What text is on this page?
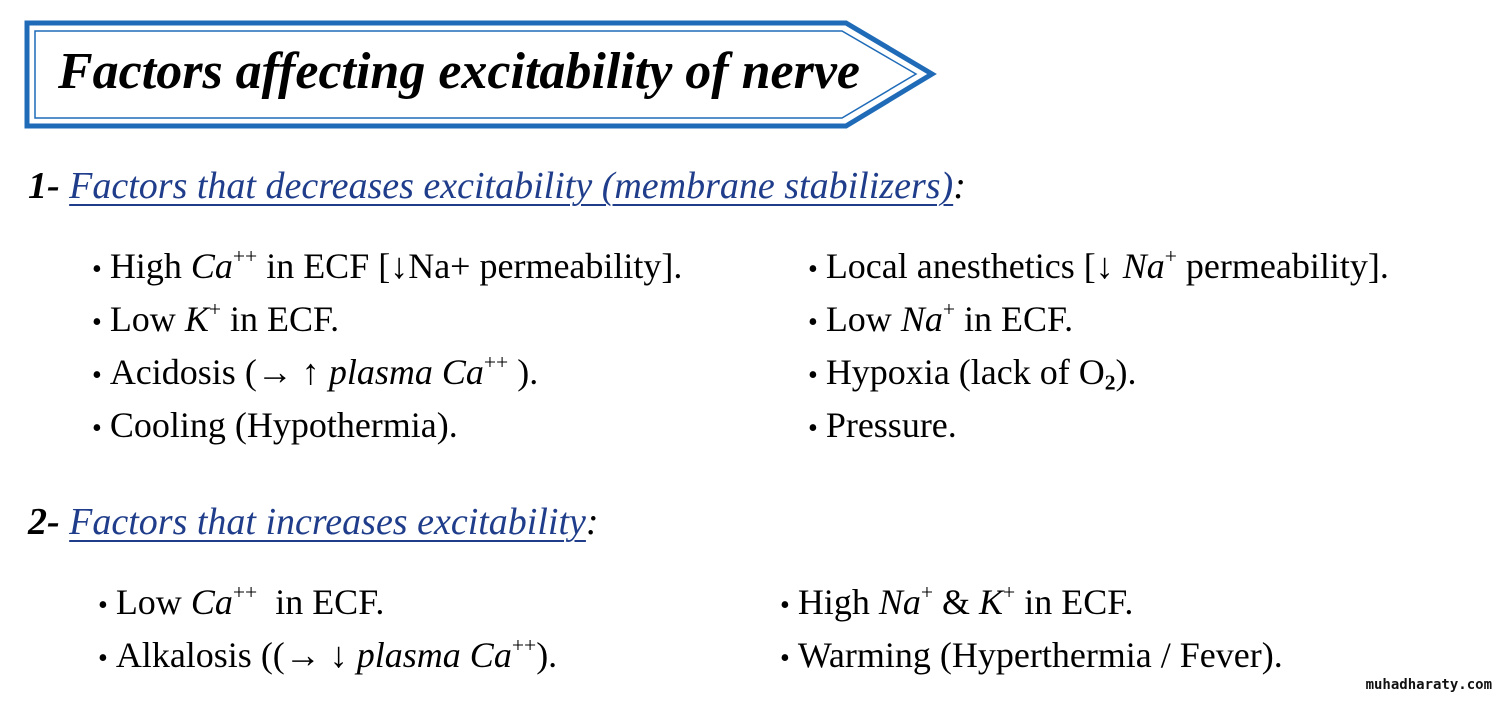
Factors affecting excitability of nerve

1- Factors that decreases excitability (membrane stabilizers):

• High Ca++ in ECF [↓Na+ permeability].
• Low K+ in ECF.
• Acidosis (→ ↑ plasma Ca++ ).
• Cooling (Hypothermia).
• Local anesthetics [↓ Na+ permeability].
• Low Na+ in ECF.
• Hypoxia (lack of $O_2$).
• Pressure.

2- Factors that increases excitability:

• Low Ca++  in ECF.
• Alkalosis ((→ ↓ plasma Ca++).
• High Na+ & K+ in ECF.
• Warming (Hyperthermia / Fever).

muhadharaty.com
